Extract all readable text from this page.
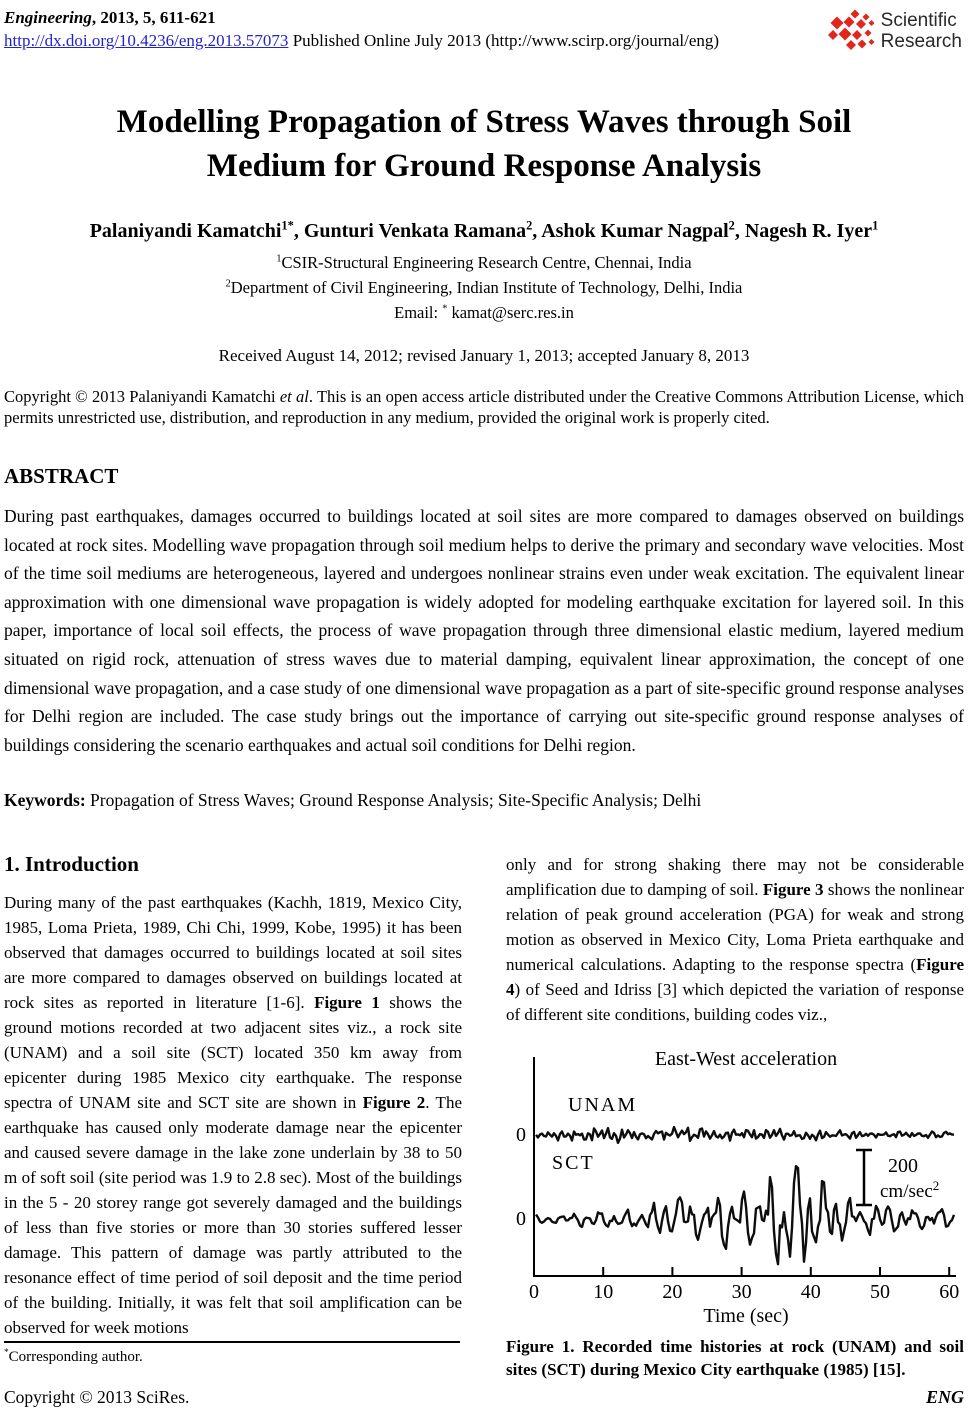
Engineering, 2013, 5, 611-621
http://dx.doi.org/10.4236/eng.2013.57073 Published Online July 2013 (http://www.scirp.org/journal/eng)
Scientific
Research
Modelling Propagation of Stress Waves through Soil
Medium for Ground Response Analysis
Palaniyandi Kamatchi$^{1*}$, Gunturi Venkata Ramana$^2$, Ashok Kumar Nagpal$^2$, Nagesh R. Iyer$^1$
$^1$CSIR-Structural Engineering Research Centre, Chennai, India
$^2$Department of Civil Engineering, Indian Institute of Technology, Delhi, India
Email: * kamat@serc.res.in
Received August 14, 2012; revised January 1, 2013; accepted January 8, 2013
Copyright © 2013 Palaniyandi Kamatchi et al. This is an open access article distributed under the Creative Commons Attribution License, which permits unrestricted use, distribution, and reproduction in any medium, provided the original work is properly cited.
ABSTRACT
During past earthquakes, damages occurred to buildings located at soil sites are more compared to damages observed on buildings located at rock sites. Modelling wave propagation through soil medium helps to derive the primary and secondary wave velocities. Most of the time soil mediums are heterogeneous, layered and undergoes nonlinear strains even under weak excitation. The equivalent linear approximation with one dimensional wave propagation is widely adopted for modeling earthquake excitation for layered soil. In this paper, importance of local soil effects, the process of wave propagation through three dimensional elastic medium, layered medium situated on rigid rock, attenuation of stress waves due to material damping, equivalent linear approximation, the concept of one dimensional wave propagation, and a case study of one dimensional wave propagation as a part of site-specific ground response analyses for Delhi region are included. The case study brings out the importance of carrying out site-specific ground response analyses of buildings considering the scenario earthquakes and actual soil conditions for Delhi region.
Keywords: Propagation of Stress Waves; Ground Response Analysis; Site-Specific Analysis; Delhi
1. Introduction
During many of the past earthquakes (Kachh, 1819, Mexico City, 1985, Loma Prieta, 1989, Chi Chi, 1999, Kobe, 1995) it has been observed that damages occurred to buildings located at soil sites are more compared to damages observed on buildings located at rock sites as reported in literature [1-6]. Figure 1 shows the ground motions recorded at two adjacent sites viz., a rock site (UNAM) and a soil site (SCT) located 350 km away from epicenter during 1985 Mexico city earthquake. The response spectra of UNAM site and SCT site are shown in Figure 2. The earthquake has caused only moderate damage near the epicenter and caused severe damage in the lake zone underlain by 38 to 50 m of soft soil (site period was 1.9 to 2.8 sec). Most of the buildings in the 5 - 20 storey range got severely damaged and the buildings of less than five stories or more than 30 stories suffered lesser damage. This pattern of damage was partly attributed to the resonance effect of time period of soil deposit and the time period of the building. Initially, it was felt that soil amplification can be observed for week motions
only and for strong shaking there may not be considerable amplification due to damping of soil. Figure 3 shows the nonlinear relation of peak ground acceleration (PGA) for weak and strong motion as observed in Mexico City, Loma Prieta earthquake and numerical calculations. Adapting to the response spectra (Figure 4) of Seed and Idriss [3] which depicted the variation of response of different site conditions, building codes viz.,
0	10 20 30 40 50 60
East-West acceleration
Time (sec)
200
$cm/\sec^2$
UNAM
0
SCT
0
Figure 1. Recorded time histories at rock (UNAM) and soil sites (SCT) during Mexico City earthquake (1985) [15].
*Corresponding author.
Copyright © 2013 SciRes.	ENG
